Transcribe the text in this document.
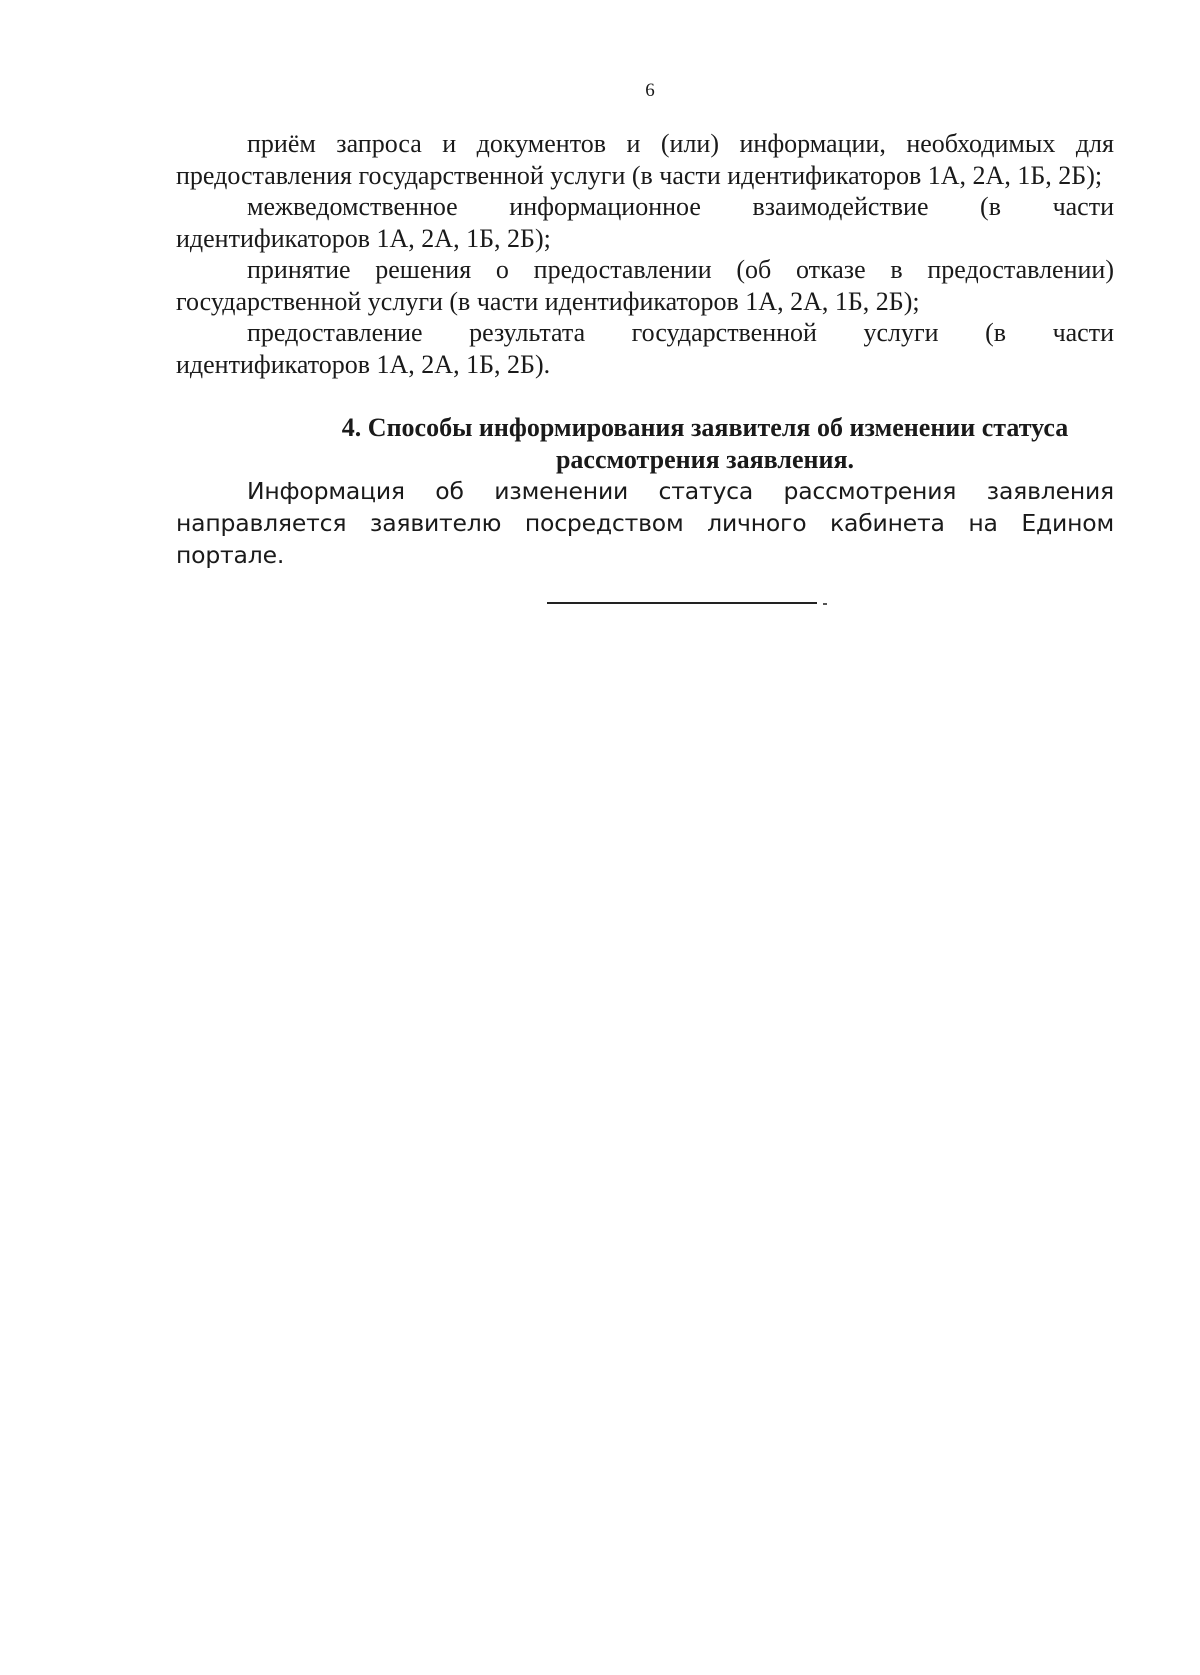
6

приём запроса и документов и (или) информации, необходимых для предоставления государственной услуги (в части идентификаторов 1А, 2А, 1Б, 2Б);

межведомственное информационное взаимодействие (в части идентификаторов 1А, 2А, 1Б, 2Б);

принятие решения о предоставлении (об отказе в предоставлении) государственной услуги (в части идентификаторов 1А, 2А, 1Б, 2Б);

предоставление результата государственной услуги (в части идентификаторов 1А, 2А, 1Б, 2Б).

4. Способы информирования заявителя об изменении статуса
рассмотрения заявления.

Информация об изменении статуса рассмотрения заявления направляется заявителю посредством личного кабинета на Едином портале.
